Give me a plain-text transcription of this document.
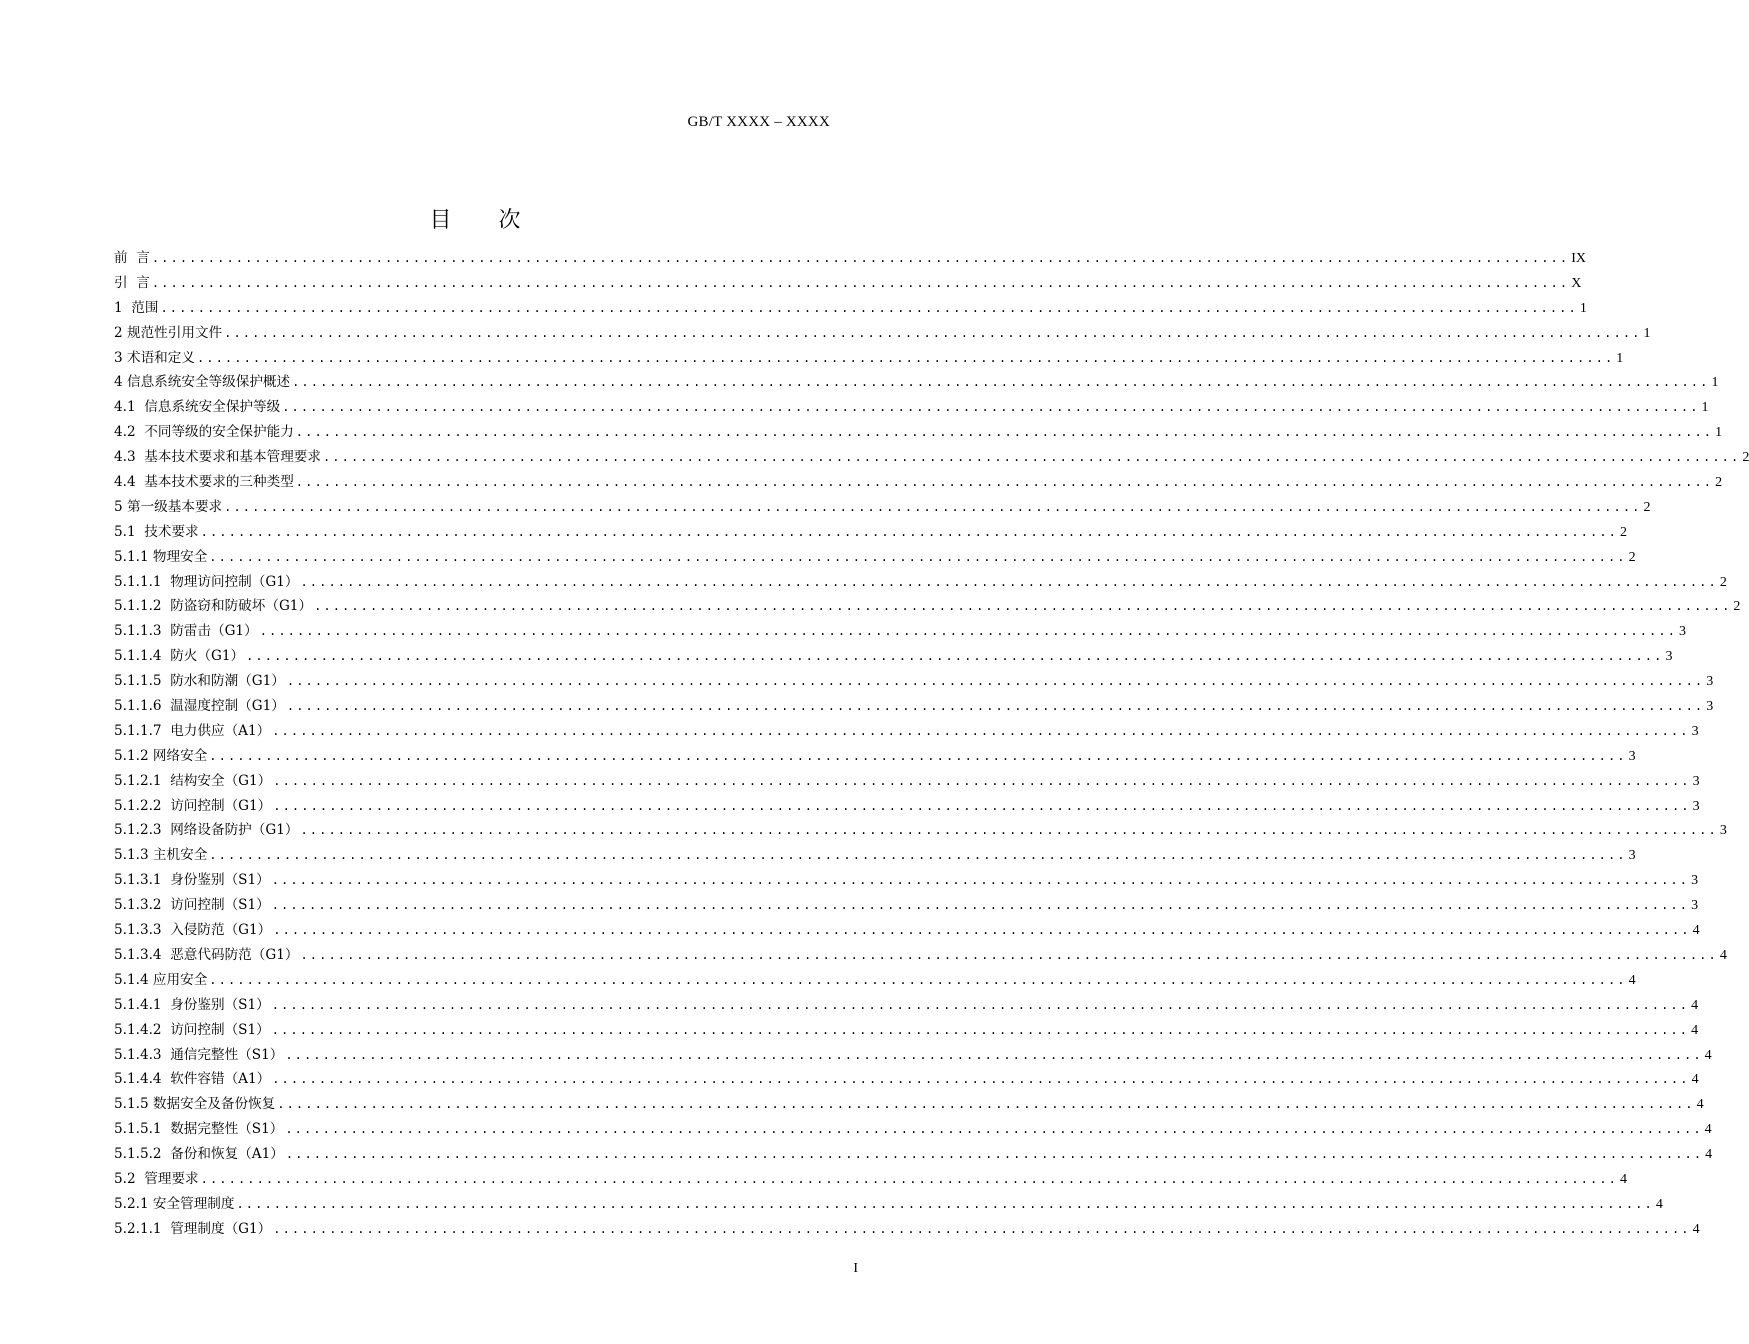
GB/T XXXX – XXXX
目 次
前  言 ........................................................................................................................................................ IX
引  言 ........................................................................................................................................................ X
1  范围 ........................................................................................................................................................ 1
2 规范性引用文件 ........................................................................................................................................................ 1
3 术语和定义 ........................................................................................................................................................ 1
4 信息系统安全等级保护概述 ........................................................................................................................................................ 1
4.1  信息系统安全保护等级 ........................................................................................................................................................ 1
4.2  不同等级的安全保护能力 ........................................................................................................................................................ 1
4.3  基本技术要求和基本管理要求 ........................................................................................................................................................ 2
4.4  基本技术要求的三种类型 ........................................................................................................................................................ 2
5 第一级基本要求 ........................................................................................................................................................ 2
5.1  技术要求 ........................................................................................................................................................ 2
5.1.1 物理安全 ........................................................................................................................................................ 2
5.1.1.1  物理访问控制（G1） ........................................................................................................................................................ 2
5.1.1.2  防盗窃和防破坏（G1） ........................................................................................................................................................ 2
5.1.1.3  防雷击（G1） ........................................................................................................................................................ 3
5.1.1.4  防火（G1） ........................................................................................................................................................ 3
5.1.1.5  防水和防潮（G1） ........................................................................................................................................................ 3
5.1.1.6  温湿度控制（G1） ........................................................................................................................................................ 3
5.1.1.7  电力供应（A1） ........................................................................................................................................................ 3
5.1.2 网络安全 ........................................................................................................................................................ 3
5.1.2.1  结构安全（G1） ........................................................................................................................................................ 3
5.1.2.2  访问控制（G1） ........................................................................................................................................................ 3
5.1.2.3  网络设备防护（G1） ........................................................................................................................................................ 3
5.1.3 主机安全 ........................................................................................................................................................ 3
5.1.3.1  身份鉴别（S1） ........................................................................................................................................................ 3
5.1.3.2  访问控制（S1） ........................................................................................................................................................ 3
5.1.3.3  入侵防范（G1） ........................................................................................................................................................ 4
5.1.3.4  恶意代码防范（G1） ........................................................................................................................................................ 4
5.1.4 应用安全 ........................................................................................................................................................ 4
5.1.4.1  身份鉴别（S1） ........................................................................................................................................................ 4
5.1.4.2  访问控制（S1） ........................................................................................................................................................ 4
5.1.4.3  通信完整性（S1） ........................................................................................................................................................ 4
5.1.4.4  软件容错（A1） ........................................................................................................................................................ 4
5.1.5 数据安全及备份恢复 ........................................................................................................................................................ 4
5.1.5.1  数据完整性（S1） ........................................................................................................................................................ 4
5.1.5.2  备份和恢复（A1） ........................................................................................................................................................ 4
5.2  管理要求 ........................................................................................................................................................ 4
5.2.1 安全管理制度 ........................................................................................................................................................ 4
5.2.1.1  管理制度（G1） ........................................................................................................................................................ 4
I
